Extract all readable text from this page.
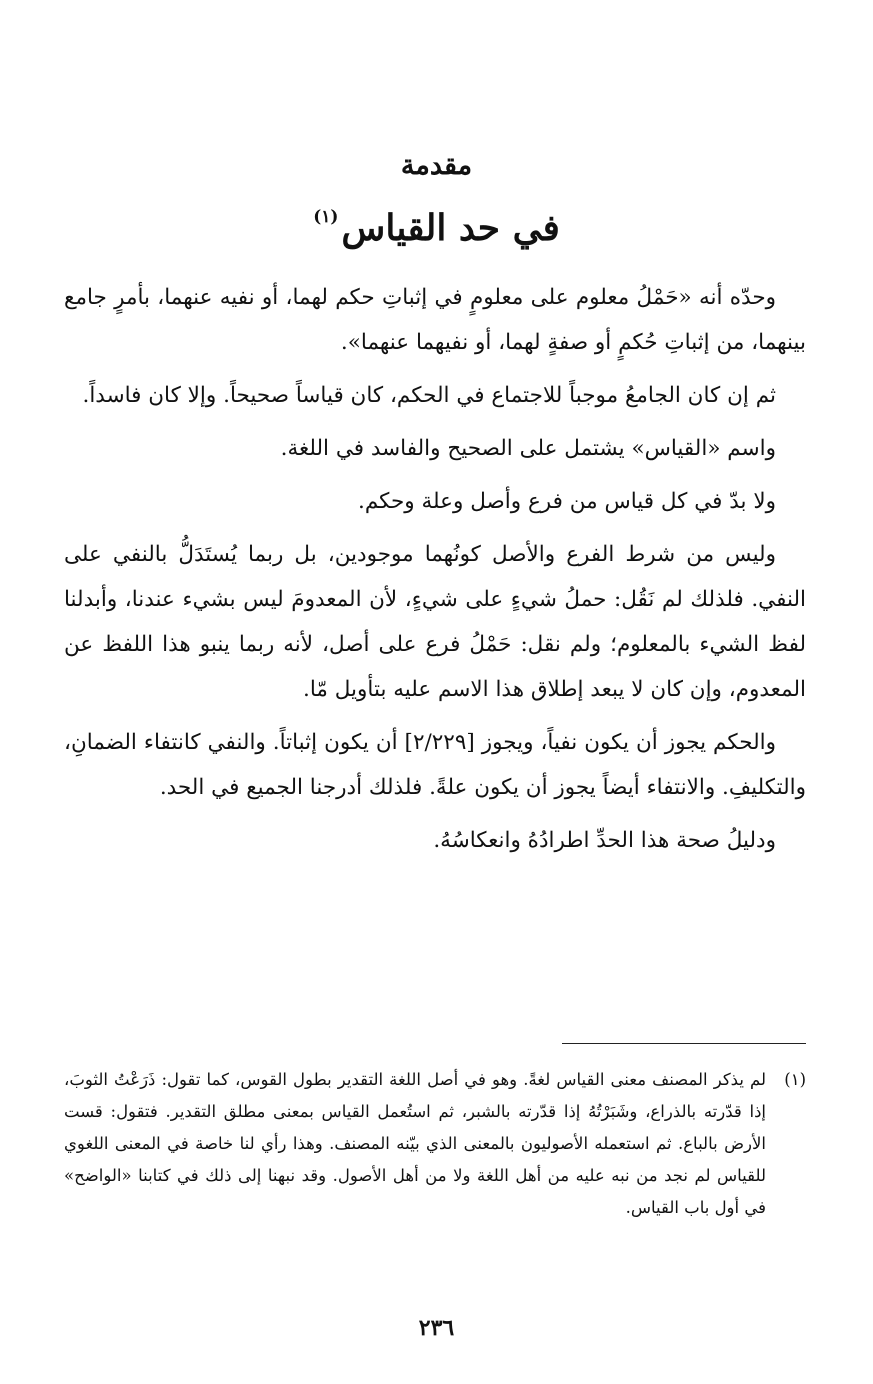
مقدمة
في حد القياس$^{(١)}$

وحدّه أنه «حَمْلُ معلوم على معلومٍ في إثباتِ حكم لهما، أو نفيه عنهما، بأمرٍ جامع بينهما، من إثباتِ حُكمٍ أو صفةٍ لهما، أو نفيهما عنهما».

ثم إن كان الجامعُ موجباً للاجتماع في الحكم، كان قياساً صحيحاً. وإلا كان فاسداً.

واسم «القياس» يشتمل على الصحيح والفاسد في اللغة.

ولا بدّ في كل قياس من فرع وأصل وعلة وحكم.

وليس من شرط الفرع والأصل كونُهما موجودين، بل ربما يُستَدَلُّ بالنفي على النفي. فلذلك لم نَقُل: حملُ شيءٍ على شيءٍ، لأن المعدومَ ليس بشيء عندنا، وأبدلنا لفظ الشيء بالمعلوم؛ ولم نقل: حَمْلُ فرع على أصل، لأنه ربما ينبو هذا اللفظ عن المعدوم، وإن كان لا يبعد إطلاق هذا الاسم عليه بتأويل مّا.

والحكم يجوز أن يكون نفياً، ويجوز [٢/٢٢٩] أن يكون إثباتاً. والنفي كانتفاء الضمانِ، والتكليفِ. والانتفاء أيضاً يجوز أن يكون علةً. فلذلك أدرجنا الجميع في الحد.

ودليلُ صحة هذا الحدِّ اطرادُهُ وانعكاسُهُ.

(١)
لم يذكر المصنف معنى القياس لغةً. وهو في أصل اللغة التقدير بطول القوس، كما تقول: ذَرَعْتُ الثوبَ، إذا قدّرته بالذراع، وشَبَرْتُهُ إذا قدّرته بالشبر، ثم استُعمل القياس بمعنى مطلق التقدير. فتقول: قست الأرض بالباع. ثم استعمله الأصوليون بالمعنى الذي بيّنه المصنف. وهذا رأي لنا خاصة في المعنى اللغوي للقياس لم نجد من نبه عليه من أهل اللغة ولا من أهل الأصول. وقد نبهنا إلى ذلك في كتابنا «الواضح» في أول باب القياس.
٢٣٦
